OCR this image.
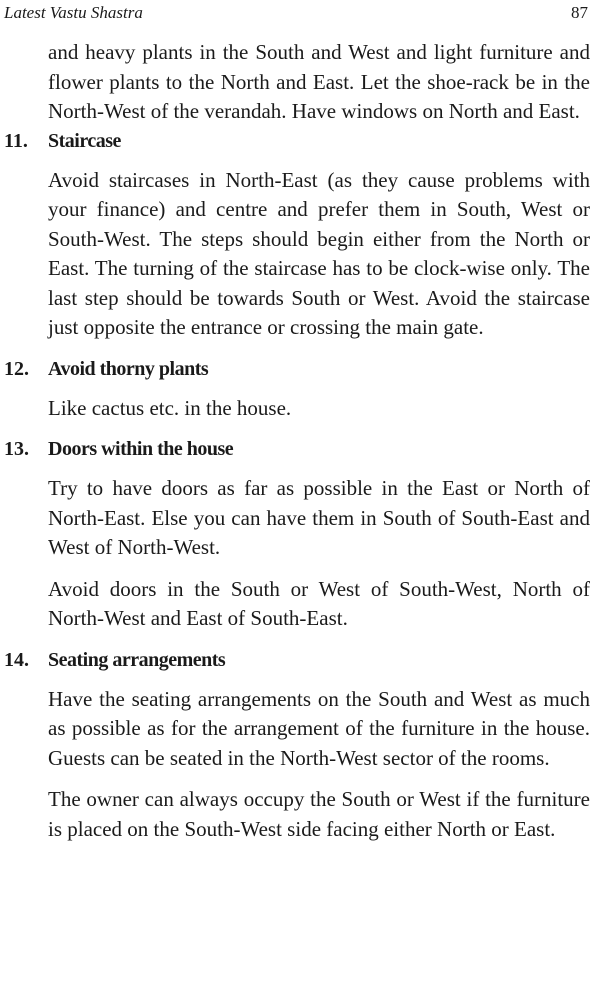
Latest Vastu Shastra	87

and heavy plants in the South and West and light furniture and flower plants to the North and East. Let the shoe-rack be in the North-West of the verandah. Have windows on North and East.

11.	Staircase

Avoid staircases in North-East (as they cause problems with your finance) and centre and prefer them in South, West or South-West. The steps should begin either from the North or East. The turning of the staircase has to be clock-wise only. The last step should be towards South or West. Avoid the staircase just opposite the entrance or crossing the main gate.

12. Avoid thorny plants

Like cactus etc. in the house.

13. Doors within the house

Try to have doors as far as possible in the East or North of North-East. Else you can have them in South of South-East and West of North-West.

Avoid doors in the South or West of South-West, North of North-West and East of South-East.

14. Seating arrangements

Have the seating arrangements on the South and West as much as possible as for the arrangement of the furniture in the house. Guests can be seated in the North-West sector of the rooms.

The owner can always occupy the South or West if the furniture is placed on the South-West side facing either North or East.
